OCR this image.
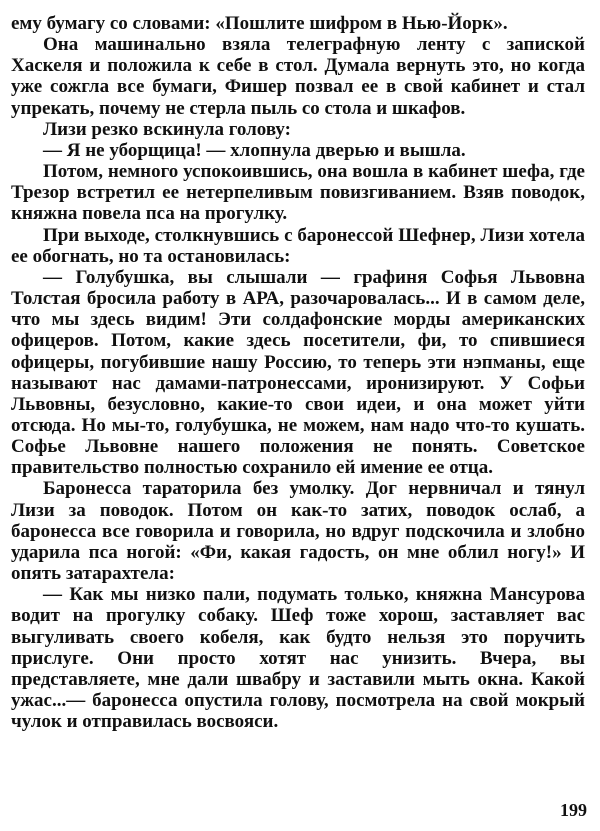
ему бумагу со словами: «Пошлите шифром в Нью-Йорк».

Она машинально взяла телеграфную ленту с запиской Хаскеля и положила к себе в стол. Думала вернуть это, но когда уже сожгла все бумаги, Фишер позвал ее в свой кабинет и стал упрекать, почему не стерла пыль со стола и шкафов.

Лизи резко вскинула голову:

— Я не уборщица! — хлопнула дверью и вышла.

Потом, немного успокоившись, она вошла в кабинет шефа, где Трезор встретил ее нетерпеливым повизгиванием. Взяв поводок, княжна повела пса на прогулку.

При выходе, столкнувшись с баронессой Шефнер, Лизи хотела ее обогнать, но та остановилась:

— Голубушка, вы слышали — графиня Софья Львовна Толстая бросила работу в АРА, разочаровалась... И в самом деле, что мы здесь видим! Эти солдафонские морды американских офицеров. Потом, какие здесь посетители, фи, то спившиеся офицеры, погубившие нашу Россию, то теперь эти нэпманы, еще называют нас дамами-патронессами, иронизируют. У Софьи Львовны, безусловно, какие-то свои идеи, и она может уйти отсюда. Но мы-то, голубушка, не можем, нам надо что-то кушать. Софье Львовне нашего положения не понять. Советское правительство полностью сохранило ей имение ее отца.

Баронесса тараторила без умолку. Дог нервничал и тянул Лизи за поводок. Потом он как-то затих, поводок ослаб, а баронесса все говорила и говорила, но вдруг подскочила и злобно ударила пса ногой: «Фи, какая гадость, он мне облил ногу!» И опять затарахтела:

— Как мы низко пали, подумать только, княжна Мансурова водит на прогулку собаку. Шеф тоже хорош, заставляет вас выгуливать своего кобеля, как будто нельзя это поручить прислуге. Они просто хотят нас унизить. Вчера, вы представляете, мне дали швабру и заставили мыть окна. Какой ужас...— баронесса опустила голову, посмотрела на свой мокрый чулок и отправилась восвояси.

199
